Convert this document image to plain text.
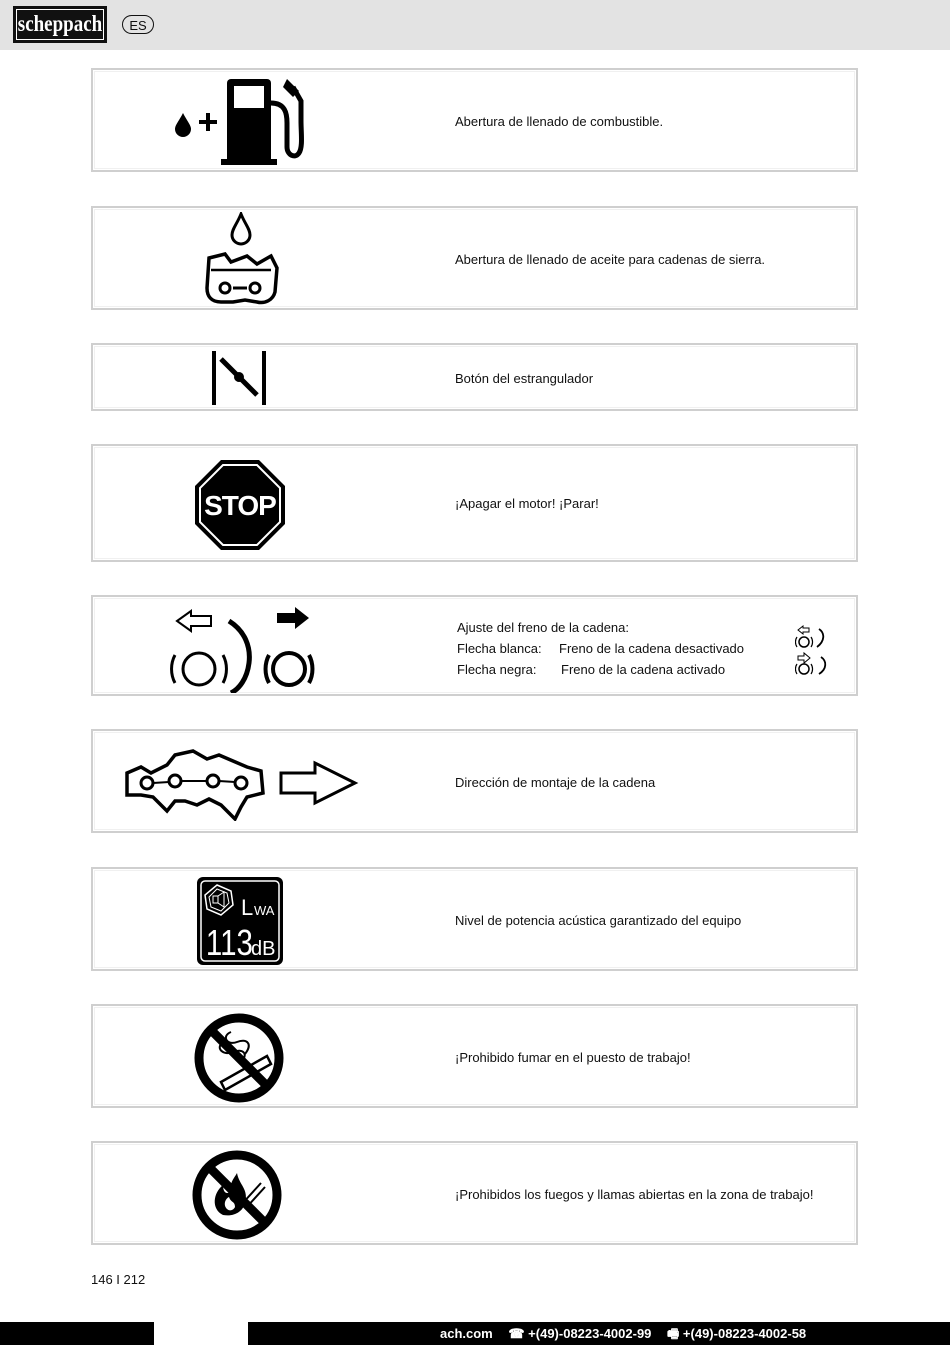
scheppach	ES
Abertura de llenado de combustible.
Abertura de llenado de aceite para cadenas de sierra.
Botón del estrangulador
STOP	¡Apagar el motor! ¡Parar!
Ajuste del freno de la cadena:
Flecha blanca: Freno de la cadena desactivado
Flecha negra: Freno de la cadena activado
Dirección de montaje de la cadena
L WA
113
dB
Nivel de potencia acústica garantizado del equipo
¡Prohibido fumar en el puesto de trabajo!
¡Prohibidos los fuegos y llamas abiertas en la zona de trabajo!
146 I 212
ach.com ☎ +(49)-08223-4002-99 🖷 +(49)-08223-4002-58
